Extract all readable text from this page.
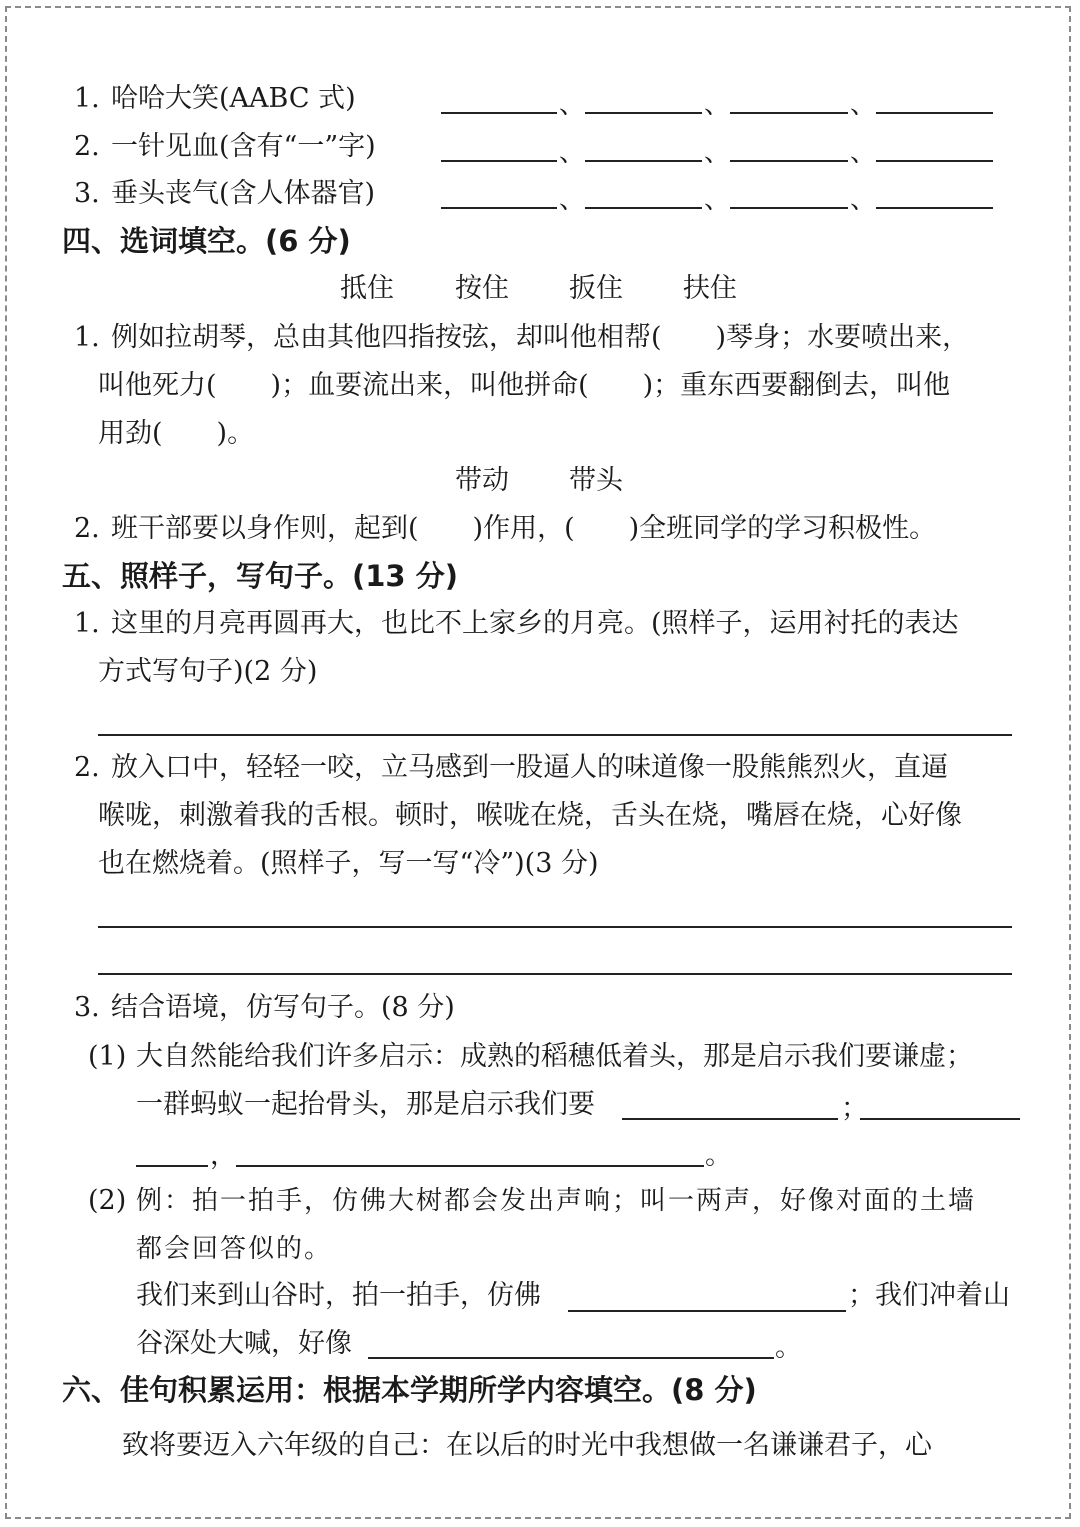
1. 哈哈大笑(AABC 式)	、	、	、
2. 一针见血(含有“一”字)	、	、	、
3. 垂头丧气(含人体器官)	、	、	、
四、选词填空。(6 分)
抵住 按住 扳住 扶住
1. 例如拉胡琴，总由其他四指按弦，却叫他相帮(　　)琴身；水要喷出来，
叫他死力(　　)；血要流出来，叫他拼命(　　)；重东西要翻倒去，叫他
用劲(　　)。
带动 带头
2. 班干部要以身作则，起到(　　)作用，(　　)全班同学的学习积极性。
五、照样子，写句子。(13 分)
1. 这里的月亮再圆再大，也比不上家乡的月亮。(照样子，运用衬托的表达
方式写句子)(2 分)
2. 放入口中，轻轻一咬，立马感到一股逼人的味道像一股熊熊烈火，直逼
喉咙，刺激着我的舌根。顿时，喉咙在烧，舌头在烧，嘴唇在烧，心好像
也在燃烧着。(照样子，写一写“冷”)(3 分)
3. 结合语境，仿写句子。(8 分)
(1) 大自然能给我们许多启示：成熟的稻穗低着头，那是启示我们要谦虚；
一群蚂蚁一起抬骨头，那是启示我们要	；
，	。
(2) 例：拍一拍手，仿佛大树都会发出声响；叫一两声，好像对面的土墙
都会回答似的。
我们来到山谷时，拍一拍手，仿佛	；我们冲着山
谷深处大喊，好像	。
六、佳句积累运用：根据本学期所学内容填空。(8 分)
致将要迈入六年级的自己：在以后的时光中我想做一名谦谦君子，心
